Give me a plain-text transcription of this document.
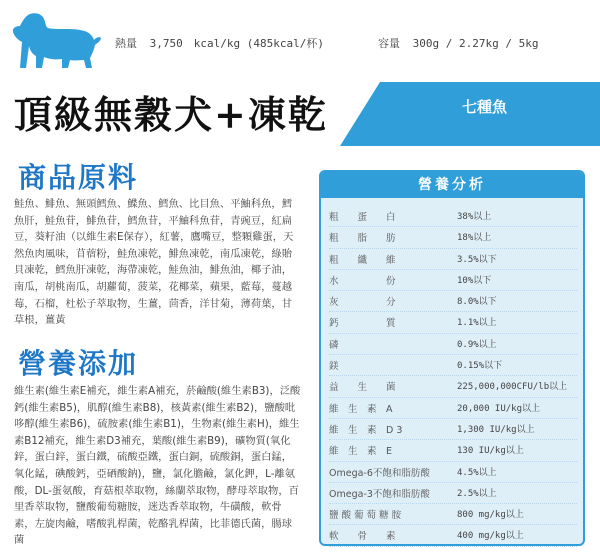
熱量 3,750　kcal/kg (485kcal/杯)	容量 300g / 2.27kg / 5kg
頂級無穀犬+凍乾	七種魚
商品原料
鮭魚、鯡魚、無頭鱈魚、鰈魚、鱈魚、比目魚、平鮋科魚，鱈魚肝，鮭魚苷，鯡魚苷，鱈魚苷，平鮋科魚苷，青豌豆，紅扁豆，葵籽油（以維生素E保存），紅薯，鷹嘴豆，整顆雞蛋，天然魚肉風味，苜蓿粉，鮭魚凍乾，鯡魚凍乾，南瓜凍乾，綠貽貝凍乾，鱈魚肝凍乾，海帶凍乾，鮭魚油，鯡魚油，椰子油，南瓜，胡桃南瓜，胡蘿蔔，菠菜，花椰菜，蘋果，藍莓，蔓越莓，石榴，杜松子萃取物，生薑，茴香，洋甘菊，薄荷葉，甘草根，薑黃
營養添加
維生素(維生素E補充，維生素A補充，菸鹼酸(維生素B3)，泛酸鈣(維生素B5)，肌醇(維生素B8)，核黃素(維生素B2)，鹽酸吡哆醇(維生素B6)，硫胺素(維生素B1)，生物素(維生素H)，維生素B12補充，維生素D3補充，葉酸(維生素B9)，礦物質(氧化鋅，蛋白鋅，蛋白鐵，硫酸亞鐵，蛋白銅，硫酸銅，蛋白錳，氧化錳，碘酸鈣，亞硒酸鈉)，鹽，氯化膽鹼，氯化鉀，L-離氨酸，DL-蛋氨酸，育菇根萃取物，絲蘭萃取物，酵母萃取物，百里香萃取物，鹽酸葡萄糖胺，迷迭香萃取物，牛磺酸，軟骨素，左旋肉鹼，嗜酸乳桿菌，乾酪乳桿菌，比菲德氏菌，腸球菌
營養分析
粗　　蛋　　白	38%以上
粗　　脂　　肪	18%以上
粗　　纖　　維	3.5%以下
水　　　　　份	10%以下
灰　　　　　分	8.0%以下
鈣　　　　　質	1.1%以上
磷	0.9%以上
鎂	0.15%以下
益　　生　　菌	225,000,000CFU/lb以上
維　生　素　A	20,000 IU/kg以上
維　生　素　D 3	1,300 IU/kg以上
維　生　素　E	130 IU/kg以上
Omega-6不飽和脂肪酸	4.5%以上
Omega-3不飽和脂肪酸	2.5%以上
鹽 酸 葡 萄 糖 胺	800 mg/kg以上
軟　　骨　　素	400 mg/kg以上
